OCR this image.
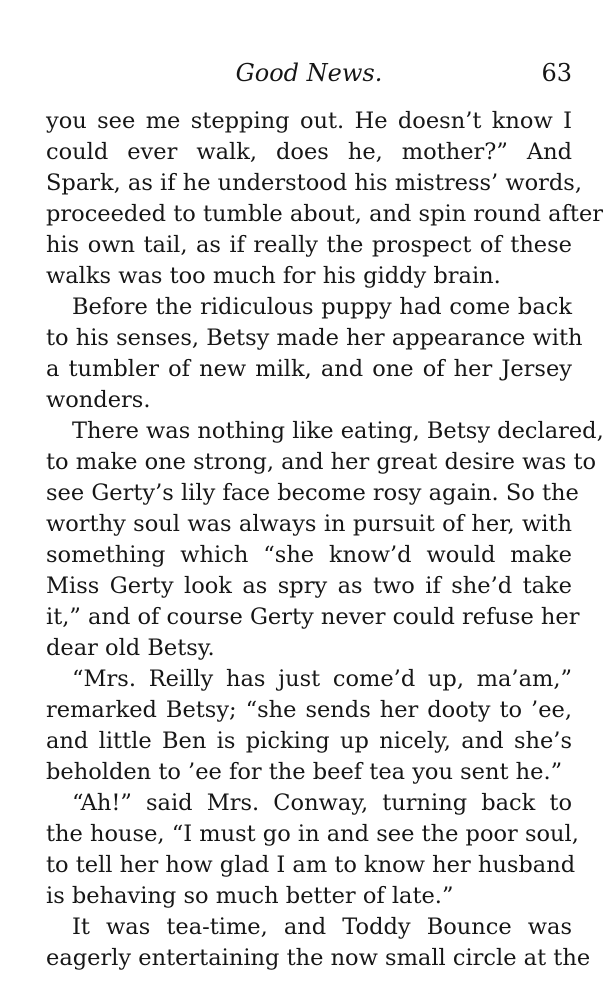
Good News.	63
you see me stepping out. He doesn’t know I
could ever walk, does he, mother?” And
Spark, as if he understood his mistress’ words,
proceeded to tumble about, and spin round after
his own tail, as if really the prospect of these
walks was too much for his giddy brain.
Before the ridiculous puppy had come back
to his senses, Betsy made her appearance with
a tumbler of new milk, and one of her Jersey
wonders.
There was nothing like eating, Betsy declared,
to make one strong, and her great desire was to
see Gerty’s lily face become rosy again. So the
worthy soul was always in pursuit of her, with
something which “she know’d would make
Miss Gerty look as spry as two if she’d take
it,” and of course Gerty never could refuse her
dear old Betsy.
“Mrs. Reilly has just come’d up, ma’am,”
remarked Betsy; “she sends her dooty to ’ee,
and little Ben is picking up nicely, and she’s
beholden to ’ee for the beef tea you sent he.”
“Ah!” said Mrs. Conway, turning back to
the house, “I must go in and see the poor soul,
to tell her how glad I am to know her husband
is behaving so much better of late.”
It was tea-time, and Toddy Bounce was
eagerly entertaining the now small circle at the
